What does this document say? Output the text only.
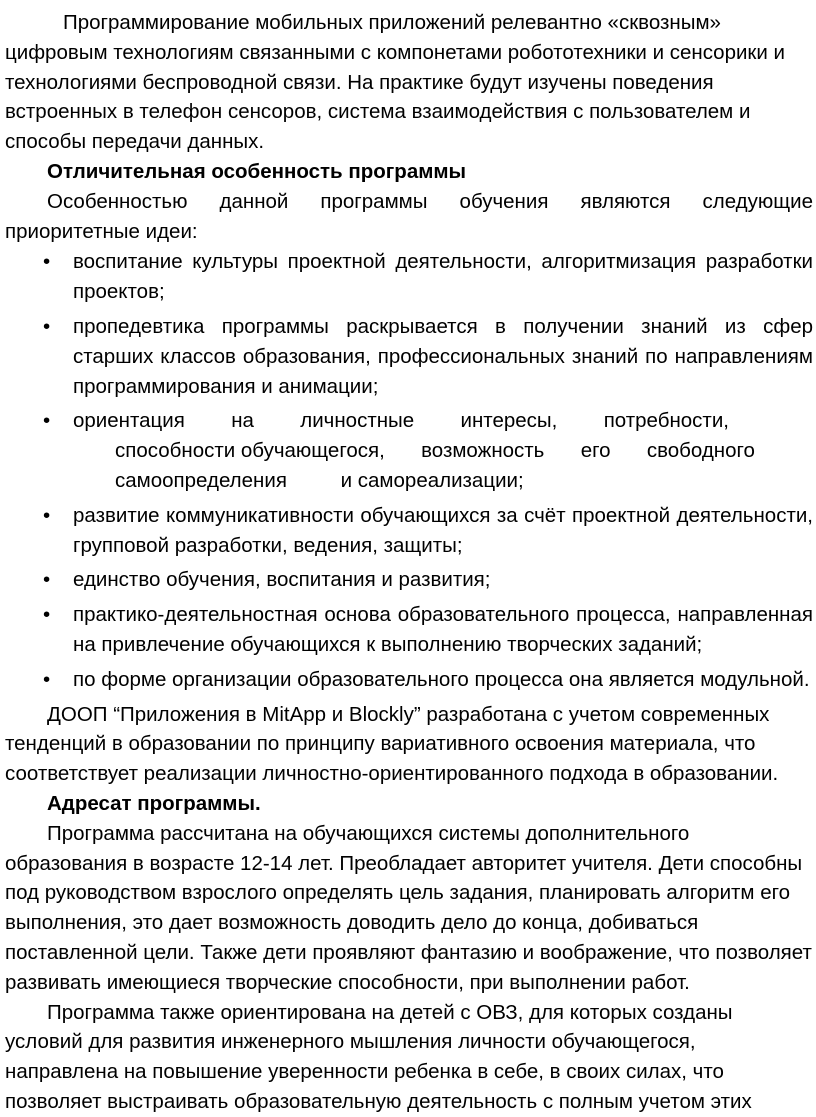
Программирование мобильных приложений релевантно «сквозным» цифровым технологиям связанными с компонетами робототехники и сенсорики и технологиями беспроводной связи. На практике будут изучены поведения встроенных в телефон сенсоров, система взаимодействия с пользователем и способы передачи данных.

Отличительная особенность программы

Особенностью данной программы обучения являются следующие приоритетные идеи:

• воспитание культуры проектной деятельности, алгоритмизация разработки проектов;
• пропедевтика программы раскрывается в получении знаний из сфер старших классов образования, профессиональных знаний по направлениям программирования и анимации;
• ориентация на личностные интересы, потребности,
способности обучающегося, возможность его свободного
самоопределения	и самореализации;
• развитие коммуникативности обучающихся за счёт проектной деятельности, групповой разработки, ведения, защиты;
• единство обучения, воспитания и развития;
• практико-деятельностная основа образовательного процесса, направленная на привлечение обучающихся к выполнению творческих заданий;
• по форме организации образовательного процесса она является модульной.

ДООП “Приложения в MitApp и Blockly” разработана с учетом современных тенденций в образовании по принципу вариативного освоения материала, что соответствует реализации личностно-ориентированного подхода в образовании.

Адресат программы.

Программа рассчитана на обучающихся системы дополнительного образования в возрасте 12-14 лет. Преобладает авторитет учителя. Дети способны под руководством взрослого определять цель задания, планировать алгоритм его выполнения, это дает возможность доводить дело до конца, добиваться поставленной цели. Также дети проявляют фантазию и воображение, что позволяет развивать имеющиеся творческие способности, при выполнении работ.

Программа также ориентирована на детей с ОВЗ, для которых созданы условий для развития инженерного мышления личности обучающегося, направлена на повышение уверенности ребенка в себе, в своих силах, что позволяет выстраивать образовательную деятельность с полным учетом этих
